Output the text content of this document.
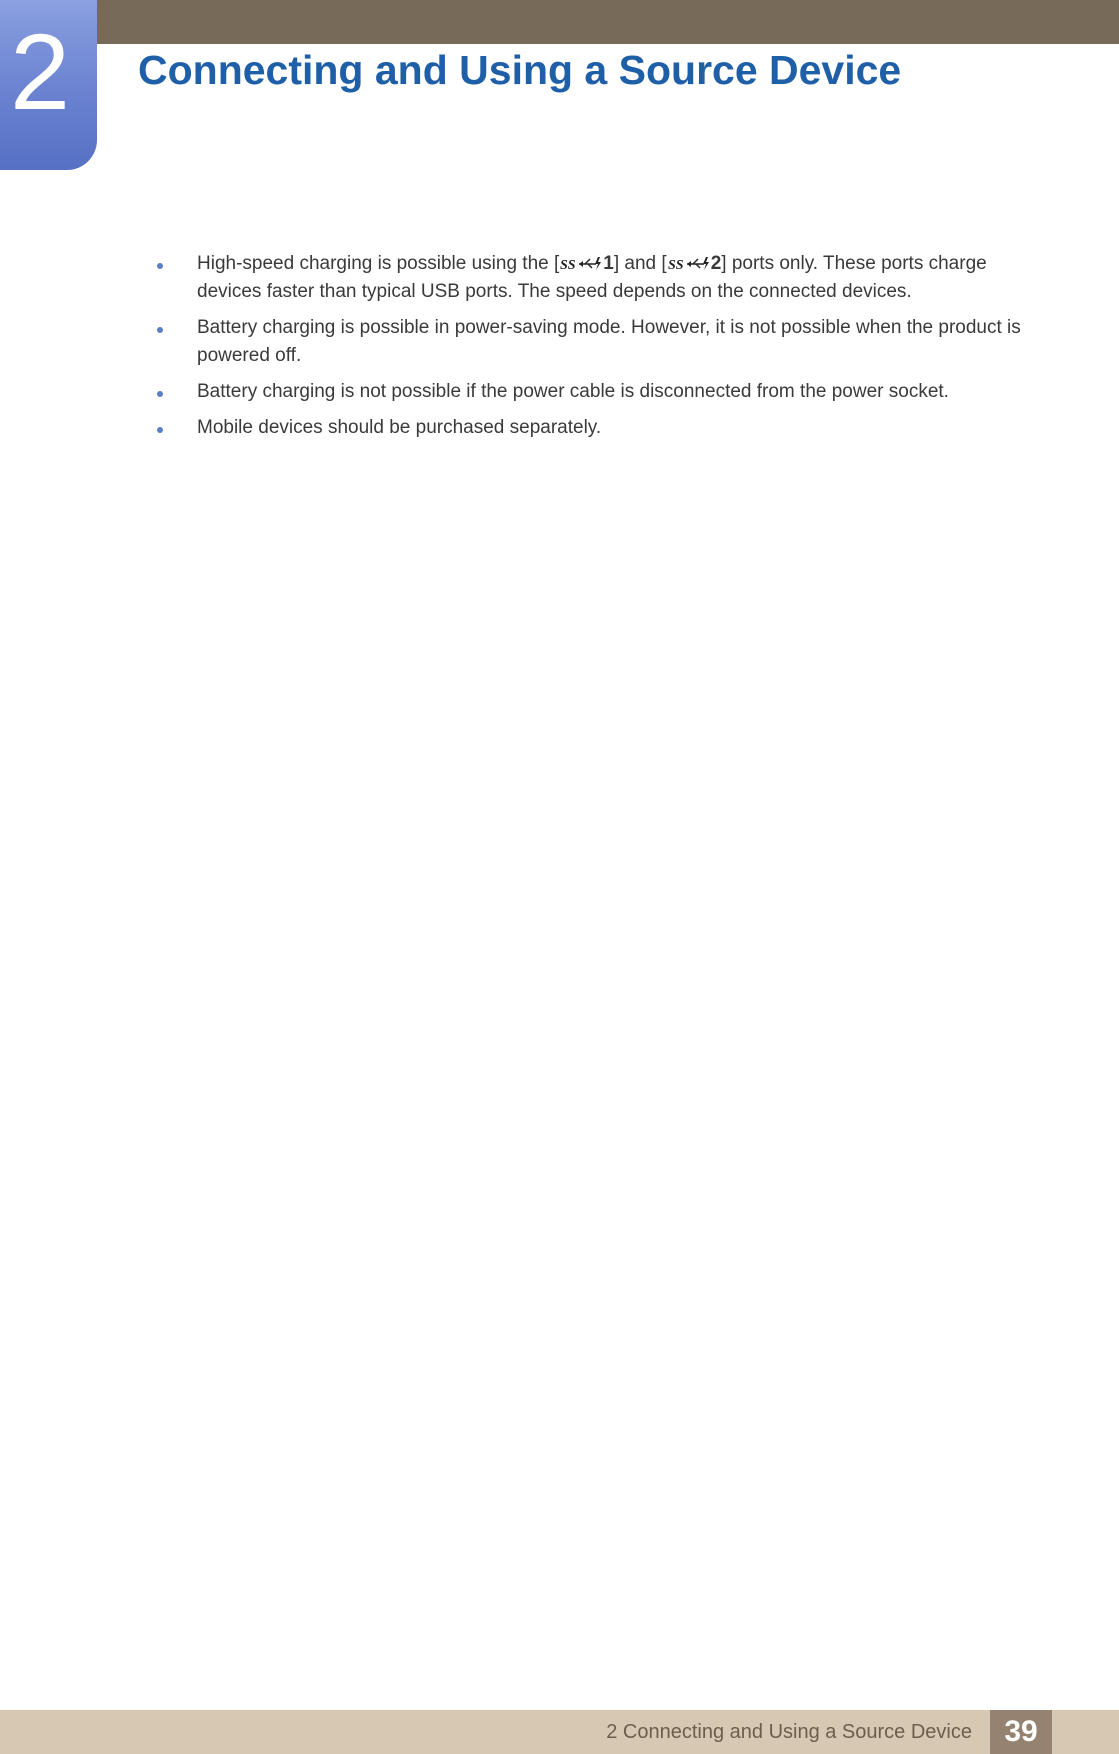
2 Connecting and Using a Source Device
High-speed charging is possible using the [ SS 1] and [ SS 2] ports only. These ports charge devices faster than typical USB ports. The speed depends on the connected devices.
Battery charging is possible in power-saving mode. However, it is not possible when the product is powered off.
Battery charging is not possible if the power cable is disconnected from the power socket.
Mobile devices should be purchased separately.
2 Connecting and Using a Source Device	39
